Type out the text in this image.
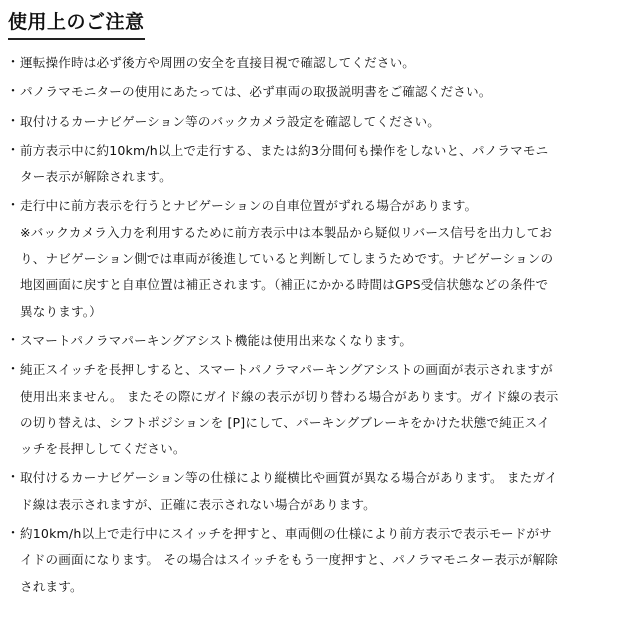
使用上のご注意
・ 運転操作時は必ず後方や周囲の安全を直接目視で確認してください。
・ パノラマモニターの使用にあたっては、必ず車両の取扱説明書をご確認ください。
・ 取付けるカーナビゲーション等のバックカメラ設定を確認してください。
・ 前方表示中に約10km/h以上で走行する、または約3分間何も操作をしないと、パノラマモニ
ター表示が解除されます。
・ 走行中に前方表示を行うとナビゲーションの自車位置がずれる場合があります。
※バックカメラ入力を利用するために前方表示中は本製品から疑似リバース信号を出力してお
り、ナビゲーション側では車両が後進していると判断してしまうためです。ナビゲーションの
地図画面に戻すと自車位置は補正されます。（補正にかかる時間はGPS受信状態などの条件で
異なります。）
・ スマートパノラマパーキングアシスト機能は使用出来なくなります。
・ 純正スイッチを長押しすると、スマートパノラマパーキングアシストの画面が表示されますが
使用出来ません。 またその際にガイド線の表示が切り替わる場合があります。ガイド線の表示
の切り替えは、シフトポジションを [P]にして、パーキングブレーキをかけた状態で純正スイ
ッチを長押ししてください。
・ 取付けるカーナビゲーション等の仕様により縦横比や画質が異なる場合があります。 またガイ
ド線は表示されますが、正確に表示されない場合があります。
・ 約10km/h以上で走行中にスイッチを押すと、車両側の仕様により前方表示で表示モードがサ
イドの画面になります。 その場合はスイッチをもう一度押すと、パノラマモニター表示が解除
されます。
